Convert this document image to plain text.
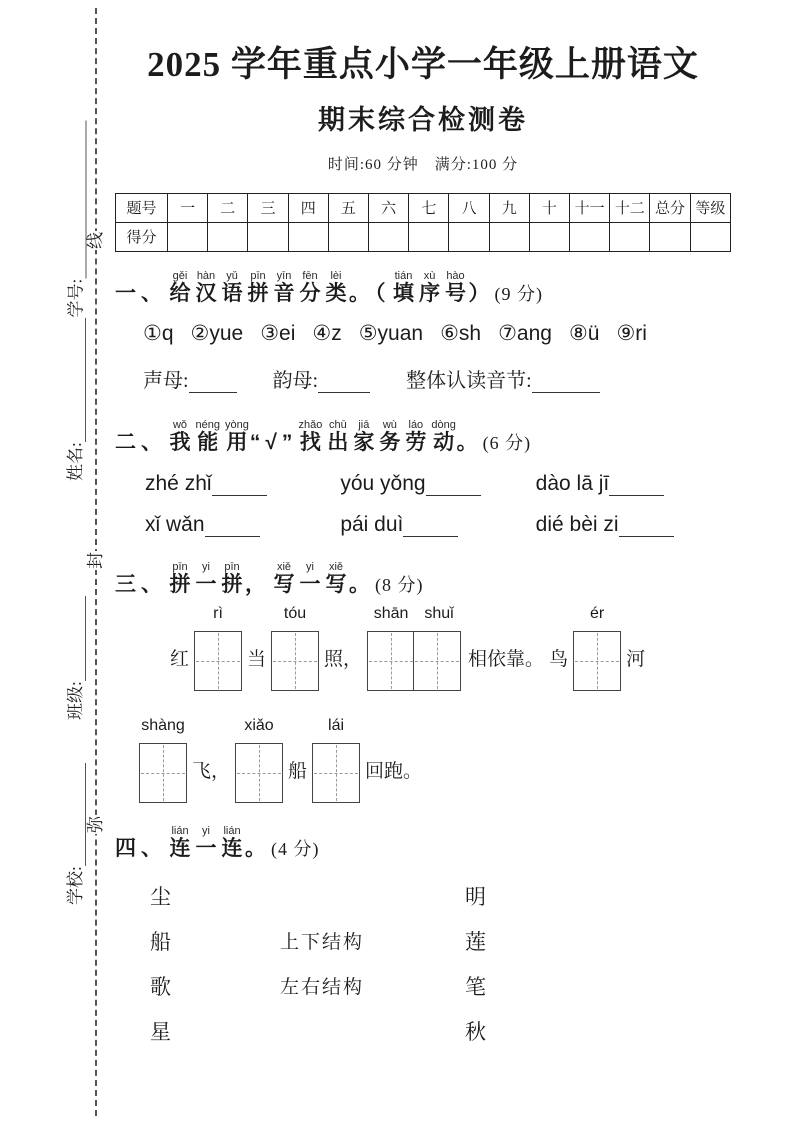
线
封
弥
学号:
姓名:
班级:
学校:
2025 学年重点小学一年级上册语文
期末综合检测卷
时间:60 分钟　满分:100 分
题号	一	二	三	四	五	六	七	八	九	十	十一	十二	总分	等级
得分														
一、 给gěi汉hàn语yǔ拼pīn音yīn分fēn类lèi。（ 填tián序xù号hào）(9 分)
①q ②yue ③ei ④z ⑤yuan ⑥sh ⑦ang ⑧ü ⑨ri
声母:	韵母:	整体认读音节:
二、 我wǒ能néng用yòng“√”找zhǎo出chū家jiā务wù劳láo动dòng。(6 分)
zhé zhǐ	yóu yǒng	dào lā jī
xǐ wǎn	pái duì	dié bèi zi
三、 拼pīn一yi拼pīn， 写xiě一yi写xiě。(8 分)
红
rì
当
tóu
照，
shān shuǐ
相依靠。 鸟
ér
河
shàng
飞，
xiǎo
船
lái
回跑。
四、 连lián一yi连lián。(4 分)
尘
船
歌
星
上下结构
左右结构
明
莲
笔
秋
